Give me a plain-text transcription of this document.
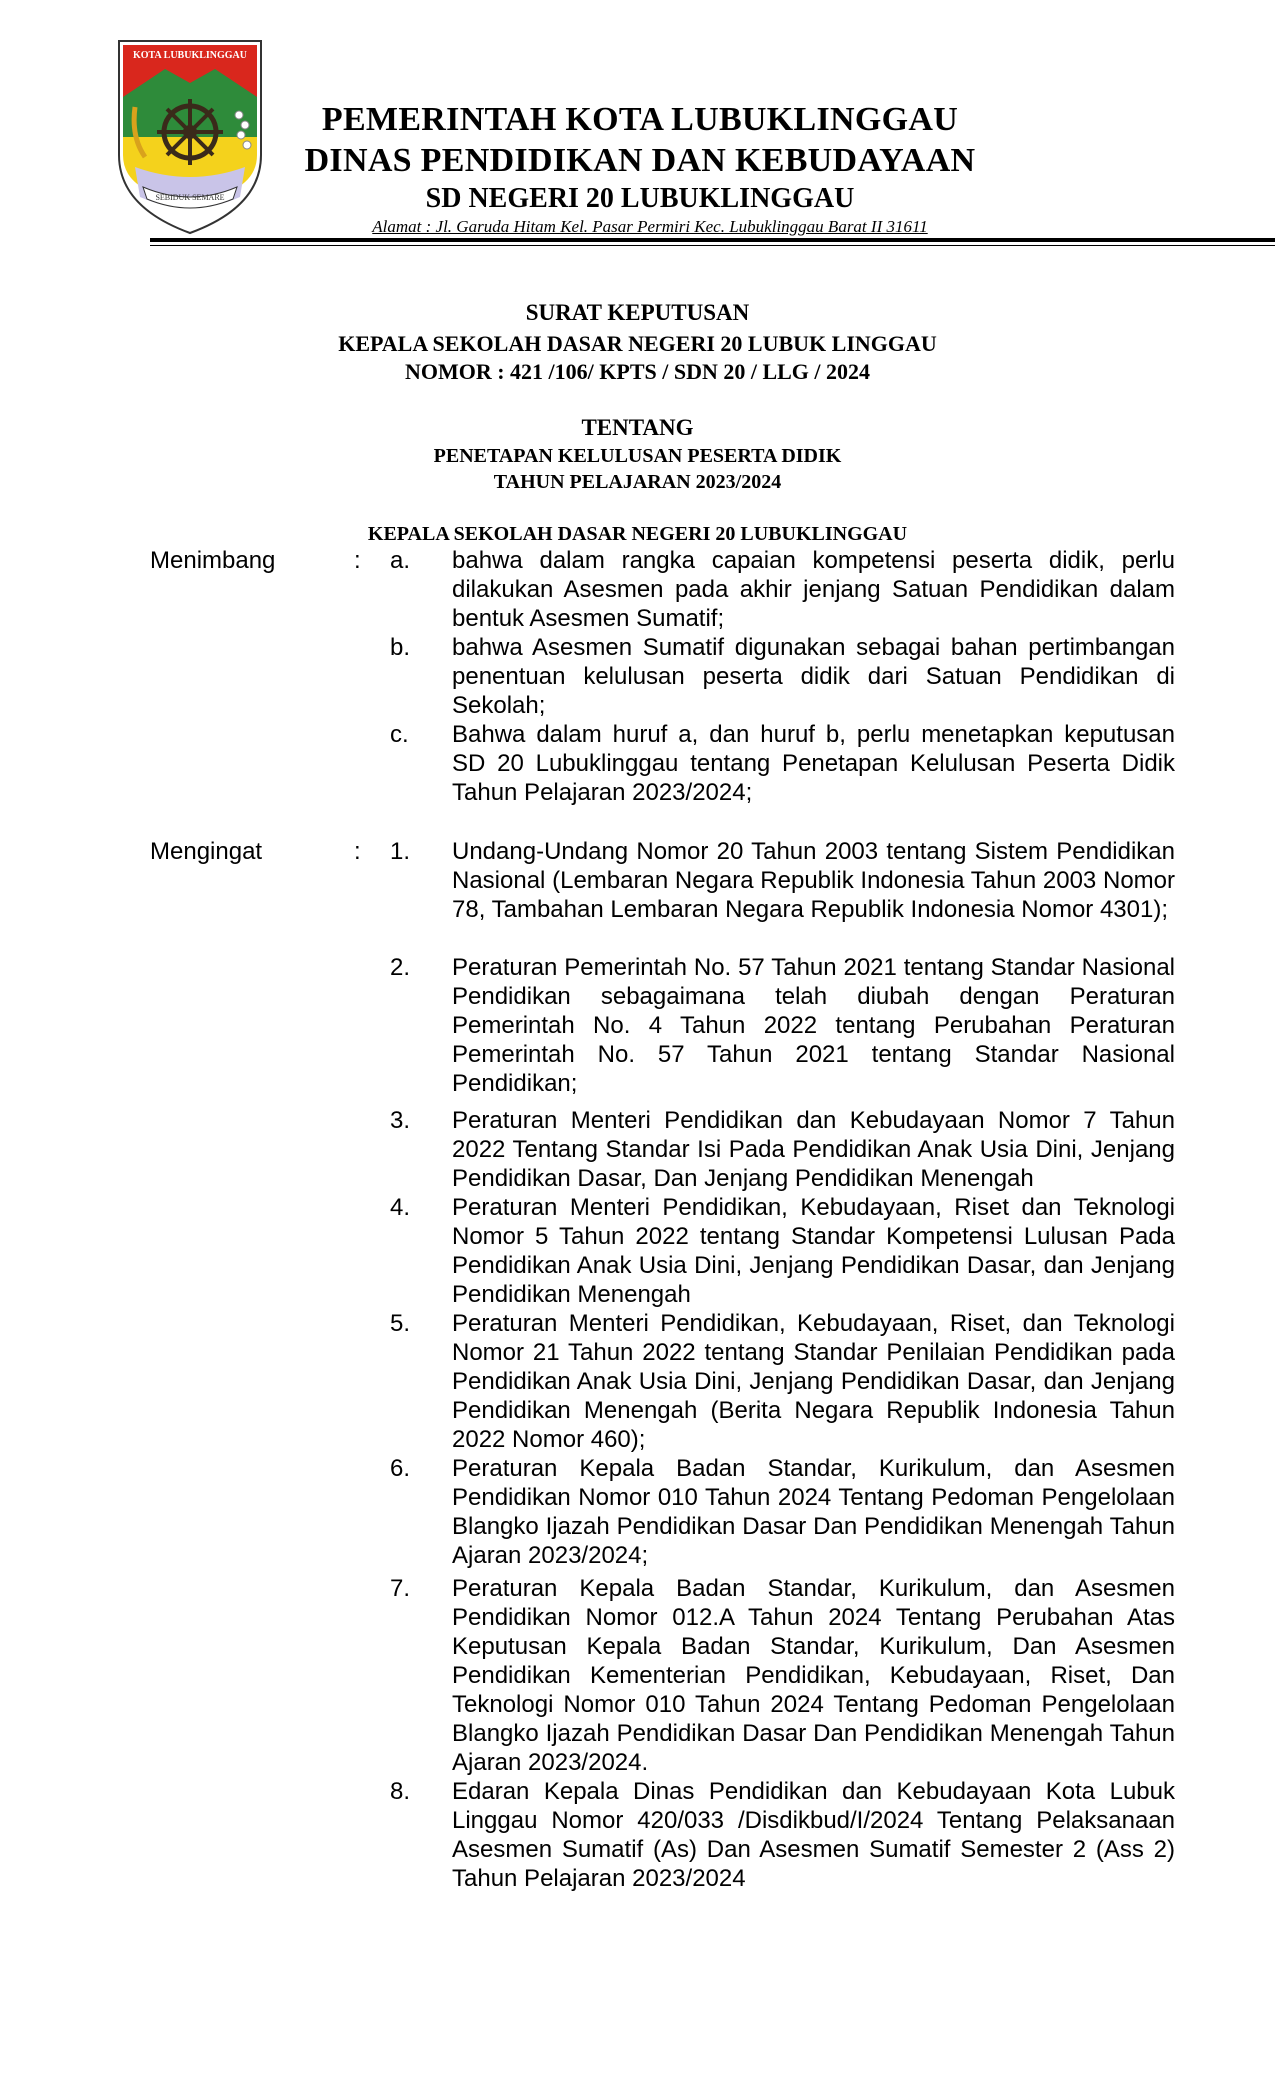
KOTA LUBUKLINGGAU
SEBIDUK SEMARE

PEMERINTAH KOTA LUBUKLINGGAU

DINAS PENDIDIKAN DAN KEBUDAYAAN

SD NEGERI 20 LUBUKLINGGAU

Alamat : Jl. Garuda Hitam Kel. Pasar Permiri Kec. Lubuklinggau Barat II 31611

SURAT KEPUTUSAN

KEPALA SEKOLAH DASAR NEGERI 20 LUBUK LINGGAU

NOMOR : 421 /106/ KPTS / SDN 20 / LLG / 2024

TENTANG

PENETAPAN KELULUSAN PESERTA DIDIK

TAHUN PELAJARAN 2023/2024

KEPALA SEKOLAH DASAR NEGERI 20 LUBUKLINGGAU

Menimbang	: a. bahwa dalam rangka capaian kompetensi peserta didik, perlu dilakukan Asesmen pada akhir jenjang Satuan Pendidikan dalam bentuk Asesmen Sumatif;

b. bahwa Asesmen Sumatif digunakan sebagai bahan pertimbangan penentuan kelulusan peserta didik dari Satuan Pendidikan di Sekolah;

c. Bahwa dalam huruf a, dan huruf b, perlu menetapkan keputusan SD 20 Lubuklinggau tentang Penetapan Kelulusan Peserta Didik Tahun Pelajaran 2023/2024;

Mengingat	: 1. Undang-Undang Nomor 20 Tahun 2003 tentang Sistem Pendidikan Nasional (Lembaran Negara Republik Indonesia Tahun 2003 Nomor 78, Tambahan Lembaran Negara Republik Indonesia Nomor 4301);

2. Peraturan Pemerintah No. 57 Tahun 2021 tentang Standar Nasional Pendidikan sebagaimana telah diubah dengan Peraturan Pemerintah No. 4 Tahun 2022 tentang Perubahan Peraturan Pemerintah No. 57 Tahun 2021 tentang Standar Nasional Pendidikan;

3. Peraturan Menteri Pendidikan dan Kebudayaan Nomor 7 Tahun 2022 Tentang Standar Isi Pada Pendidikan Anak Usia Dini, Jenjang Pendidikan Dasar, Dan Jenjang Pendidikan Menengah

4. Peraturan Menteri Pendidikan, Kebudayaan, Riset dan Teknologi Nomor 5 Tahun 2022 tentang Standar Kompetensi Lulusan Pada Pendidikan Anak Usia Dini, Jenjang Pendidikan Dasar, dan Jenjang Pendidikan Menengah

5. Peraturan Menteri Pendidikan, Kebudayaan, Riset, dan Teknologi Nomor 21 Tahun 2022 tentang Standar Penilaian Pendidikan pada Pendidikan Anak Usia Dini, Jenjang Pendidikan Dasar, dan Jenjang Pendidikan Menengah (Berita Negara Republik Indonesia Tahun 2022 Nomor 460);

6. Peraturan Kepala Badan Standar, Kurikulum, dan Asesmen Pendidikan Nomor 010 Tahun 2024 Tentang Pedoman Pengelolaan Blangko Ijazah Pendidikan Dasar Dan Pendidikan Menengah Tahun Ajaran 2023/2024;

7. Peraturan Kepala Badan Standar, Kurikulum, dan Asesmen Pendidikan Nomor 012.A Tahun 2024 Tentang Perubahan Atas Keputusan Kepala Badan Standar, Kurikulum, Dan Asesmen Pendidikan Kementerian Pendidikan, Kebudayaan, Riset, Dan Teknologi Nomor 010 Tahun 2024 Tentang Pedoman Pengelolaan Blangko Ijazah Pendidikan Dasar Dan Pendidikan Menengah Tahun Ajaran 2023/2024.

8. Edaran Kepala Dinas Pendidikan dan Kebudayaan Kota Lubuk Linggau Nomor 420/033 /Disdikbud/I/2024 Tentang Pelaksanaan Asesmen Sumatif (As) Dan Asesmen Sumatif Semester 2 (Ass 2) Tahun Pelajaran 2023/2024
